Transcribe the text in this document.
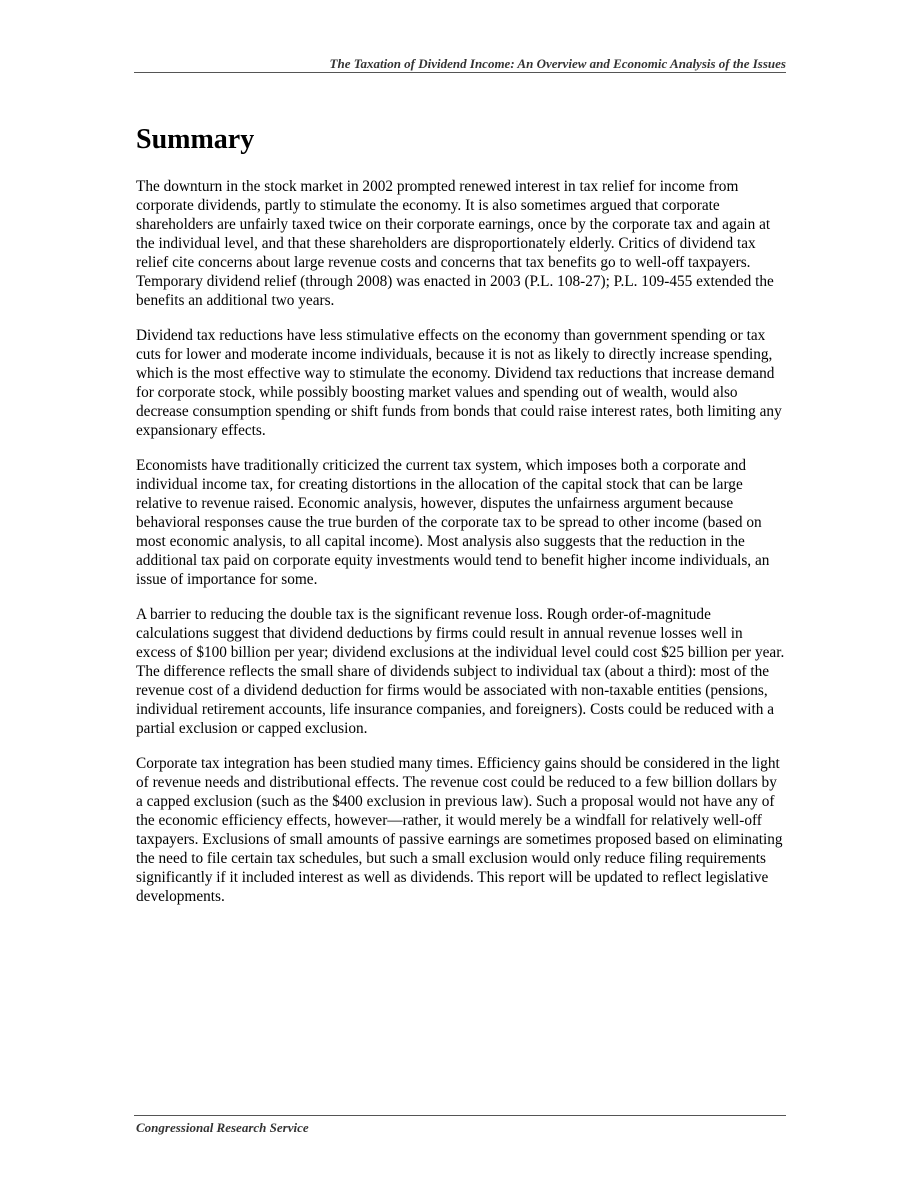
The Taxation of Dividend Income: An Overview and Economic Analysis of the Issues
Summary

The downturn in the stock market in 2002 prompted renewed interest in tax relief for income from corporate dividends, partly to stimulate the economy. It is also sometimes argued that corporate shareholders are unfairly taxed twice on their corporate earnings, once by the corporate tax and again at the individual level, and that these shareholders are disproportionately elderly. Critics of dividend tax relief cite concerns about large revenue costs and concerns that tax benefits go to well-off taxpayers. Temporary dividend relief (through 2008) was enacted in 2003 (P.L. 108-27); P.L. 109-455 extended the benefits an additional two years.

Dividend tax reductions have less stimulative effects on the economy than government spending or tax cuts for lower and moderate income individuals, because it is not as likely to directly increase spending, which is the most effective way to stimulate the economy. Dividend tax reductions that increase demand for corporate stock, while possibly boosting market values and spending out of wealth, would also decrease consumption spending or shift funds from bonds that could raise interest rates, both limiting any expansionary effects.

Economists have traditionally criticized the current tax system, which imposes both a corporate and individual income tax, for creating distortions in the allocation of the capital stock that can be large relative to revenue raised. Economic analysis, however, disputes the unfairness argument because behavioral responses cause the true burden of the corporate tax to be spread to other income (based on most economic analysis, to all capital income). Most analysis also suggests that the reduction in the additional tax paid on corporate equity investments would tend to benefit higher income individuals, an issue of importance for some.

A barrier to reducing the double tax is the significant revenue loss. Rough order-of-magnitude calculations suggest that dividend deductions by firms could result in annual revenue losses well in excess of $100 billion per year; dividend exclusions at the individual level could cost $25 billion per year. The difference reflects the small share of dividends subject to individual tax (about a third): most of the revenue cost of a dividend deduction for firms would be associated with non-taxable entities (pensions, individual retirement accounts, life insurance companies, and foreigners). Costs could be reduced with a partial exclusion or capped exclusion.

Corporate tax integration has been studied many times. Efficiency gains should be considered in the light of revenue needs and distributional effects. The revenue cost could be reduced to a few billion dollars by a capped exclusion (such as the $400 exclusion in previous law). Such a proposal would not have any of the economic efficiency effects, however—rather, it would merely be a windfall for relatively well-off taxpayers. Exclusions of small amounts of passive earnings are sometimes proposed based on eliminating the need to file certain tax schedules, but such a small exclusion would only reduce filing requirements significantly if it included interest as well as dividends. This report will be updated to reflect legislative developments.

Congressional Research Service
